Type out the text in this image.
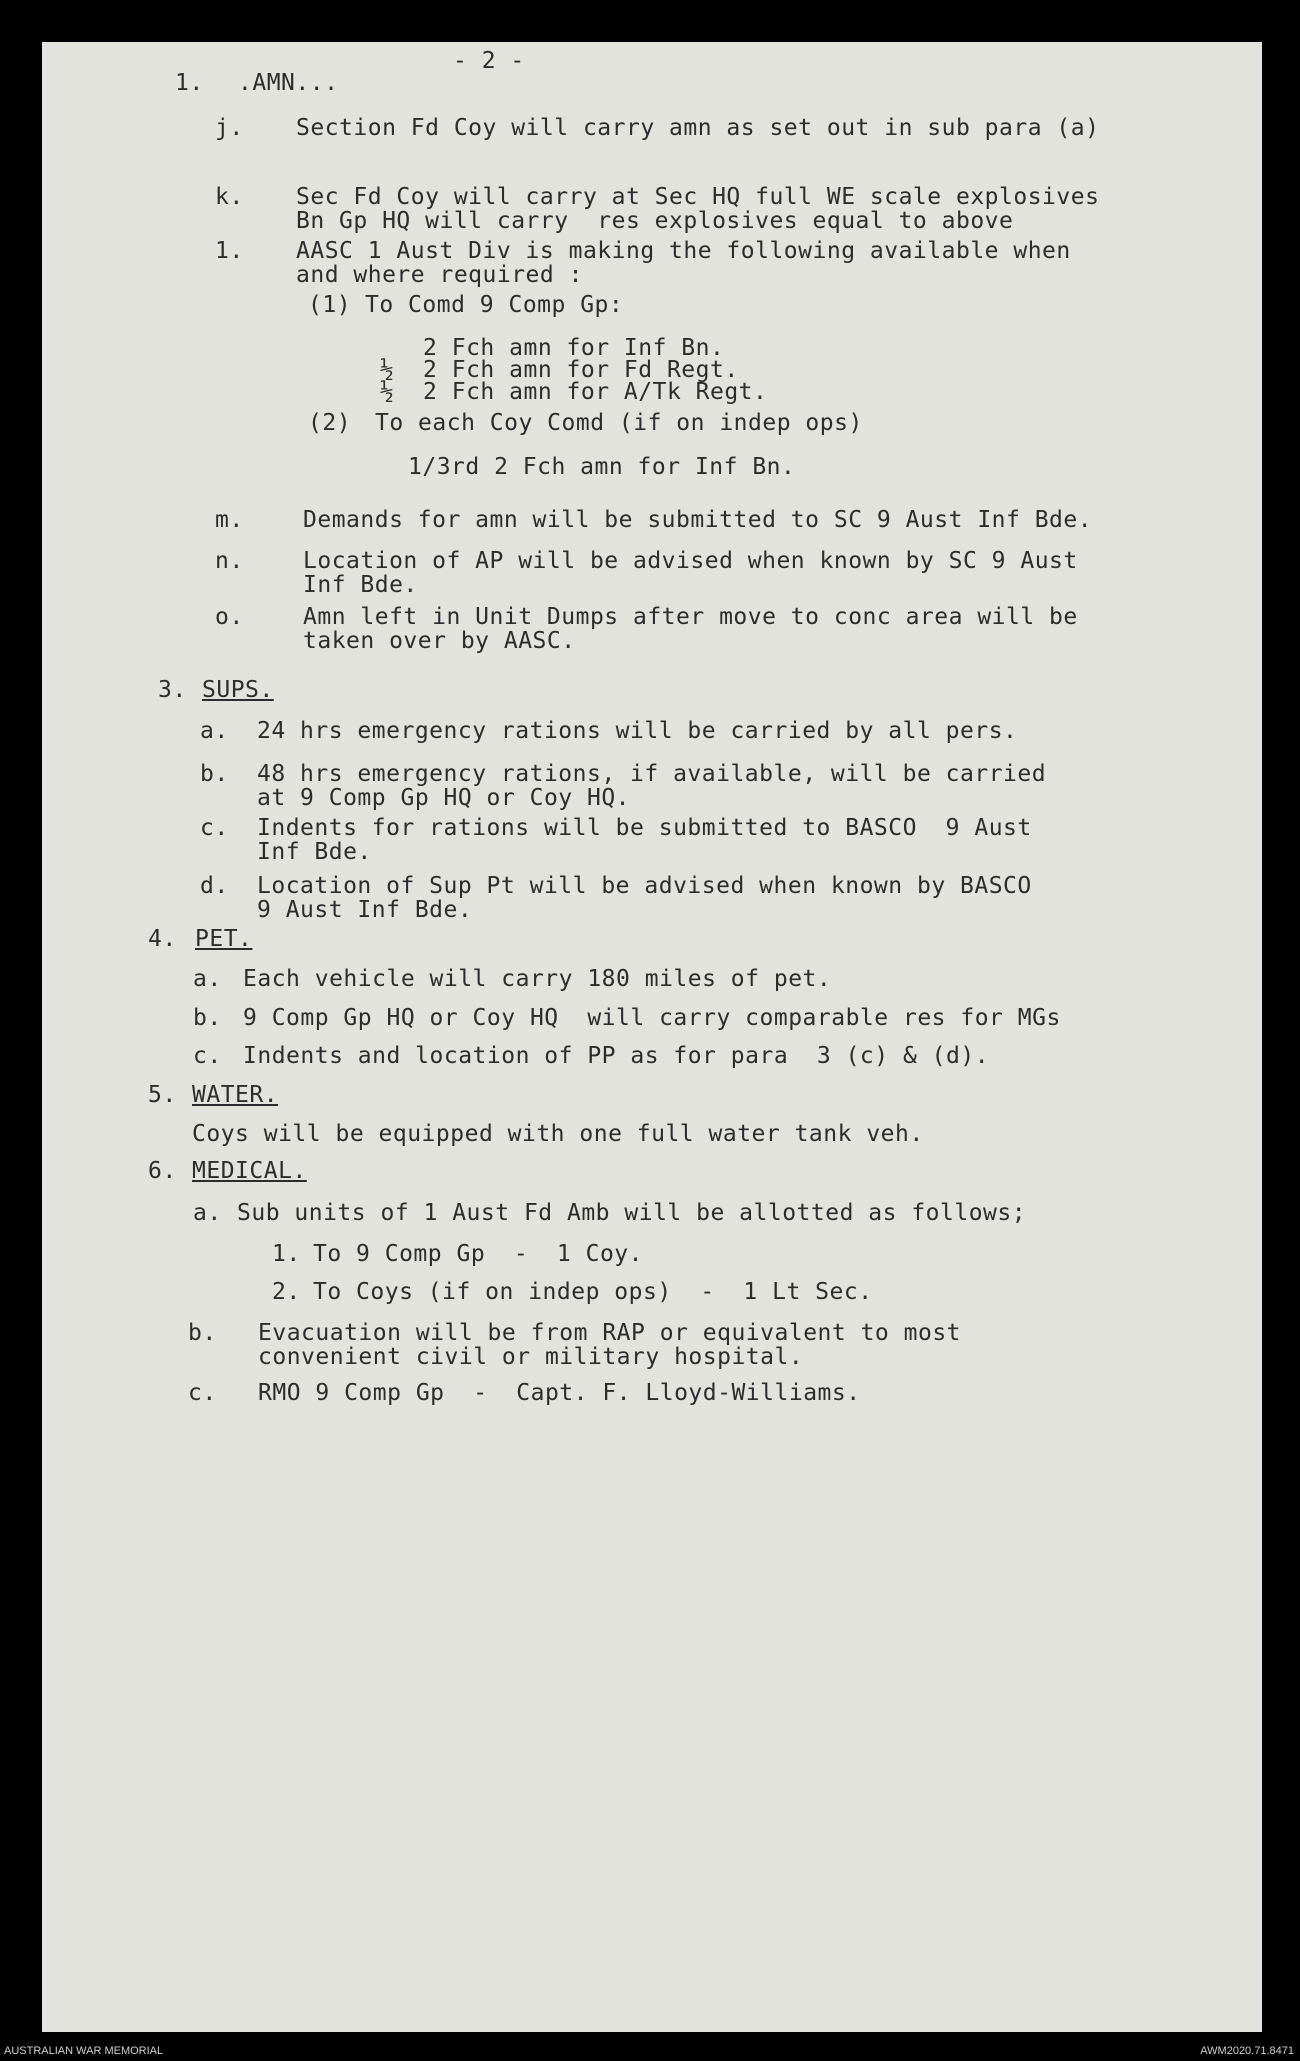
- 2 -
1. .AMN...
j. Section Fd Coy will carry amn as set out in sub para (a)
k. Sec Fd Coy will carry at Sec HQ full WE scale explosives
Bn Gp HQ will carry  res explosives equal to above
1. AASC 1 Aust Div is making the following available when
and where required :
(1) To Comd 9 Comp Gp:
2 Fch amn for Inf Bn.
½  2 Fch amn for Fd Regt.
½  2 Fch amn for A/Tk Regt.
(2) To each Coy Comd (if on indep ops)
1/3rd 2 Fch amn for Inf Bn.
m.	Demands for amn will be submitted to SC 9 Aust Inf Bde.
n.	Location of AP will be advised when known by SC 9 Aust
Inf Bde.
o.	Amn left in Unit Dumps after move to conc area will be
taken over by AASC.
3. SUPS.
a. 24 hrs emergency rations will be carried by all pers.
b. 48 hrs emergency rations, if available, will be carried
at 9 Comp Gp HQ or Coy HQ.
c. Indents for rations will be submitted to BASCO  9 Aust
Inf Bde.
d. Location of Sup Pt will be advised when known by BASCO
9 Aust Inf Bde.
4. PET.
a. Each vehicle will carry 180 miles of pet.
b. 9 Comp Gp HQ or Coy HQ  will carry comparable res for MGs
c. Indents and location of PP as for para  3 (c) & (d).
5. WATER.
Coys will be equipped with one full water tank veh.
6. MEDICAL.
a. Sub units of 1 Aust Fd Amb will be allotted as follows;
1. To 9 Comp Gp  -  1 Coy.
2. To Coys (if on indep ops)  -  1 Lt Sec.
b. Evacuation will be from RAP or equivalent to most
convenient civil or military hospital.
c. RMO 9 Comp Gp  -  Capt. F. Lloyd-Williams.
AUSTRALIAN WAR MEMORIAL	AWM2020.71.8471
